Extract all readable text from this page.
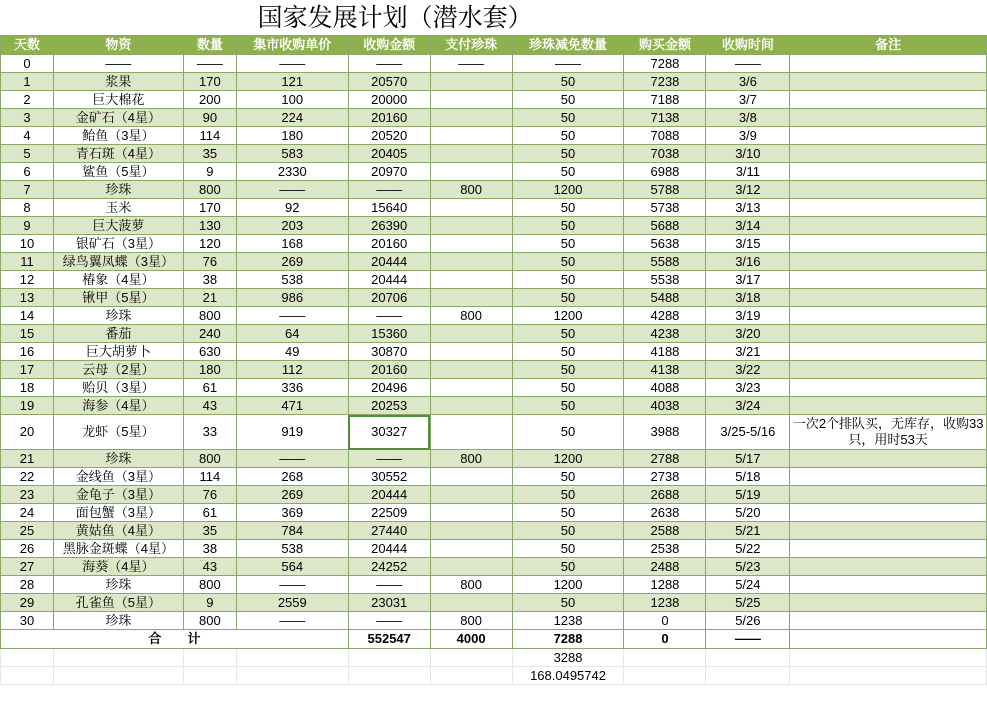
国家发展计划（潜水套）									
天数	物资	数量	集市收购单价	收购金额	支付珍珠	珍珠减免数量	购买金额	收购时间	备注
0	——	——	——	——	——	——	7288	——	
1	浆果	170	121	20570		50	7238	3/6	
2	巨大棉花	200	100	20000		50	7188	3/7	
3	金矿石（4星）	90	224	20160		50	7138	3/8	
4	鲐鱼（3星）	114	180	20520		50	7088	3/9	
5	青石斑（4星）	35	583	20405		50	7038	3/10	
6	鲨鱼（5星）	9	2330	20970		50	6988	3/11	
7	珍珠	800	——	——	800	1200	5788	3/12	
8	玉米	170	92	15640		50	5738	3/13	
9	巨大菠萝	130	203	26390		50	5688	3/14	
10	银矿石（3星）	120	168	20160		50	5638	3/15	
11	绿鸟翼凤蝶（3星）	76	269	20444		50	5588	3/16	
12	椿象（4星）	38	538	20444		50	5538	3/17	
13	锹甲（5星）	21	986	20706		50	5488	3/18	
14	珍珠	800	——	——	800	1200	4288	3/19	
15	番茄	240	64	15360		50	4238	3/20	
16	巨大胡萝卜	630	49	30870		50	4188	3/21	
17	云母（2星）	180	112	20160		50	4138	3/22	
18	贻贝（3星）	61	336	20496		50	4088	3/23	
19	海参（4星）	43	471	20253		50	4038	3/24	
20	龙虾（5星）	33	919	30327		50	3988	3/25-5/16	一次2个排队买，无库存，收购33只，用时53天
21	珍珠	800	——	——	800	1200	2788	5/17	
22	金线鱼（3星）	114	268	30552		50	2738	5/18	
23	金龟子（3星）	76	269	20444		50	2688	5/19	
24	面包蟹（3星）	61	369	22509		50	2638	5/20	
25	黄姑鱼（4星）	35	784	27440		50	2588	5/21	
26	黑脉金斑蝶（4星）	38	538	20444		50	2538	5/22	
27	海葵（4星）	43	564	24252		50	2488	5/23	
28	珍珠	800	——	——	800	1200	1288	5/24	
29	孔雀鱼（5星）	9	2559	23031		50	1238	5/25	
30	珍珠	800	——	——	800	1238	0	5/26	
合　　计				552547	4000	7288	0	——	
						3288			
						168.0495742			
